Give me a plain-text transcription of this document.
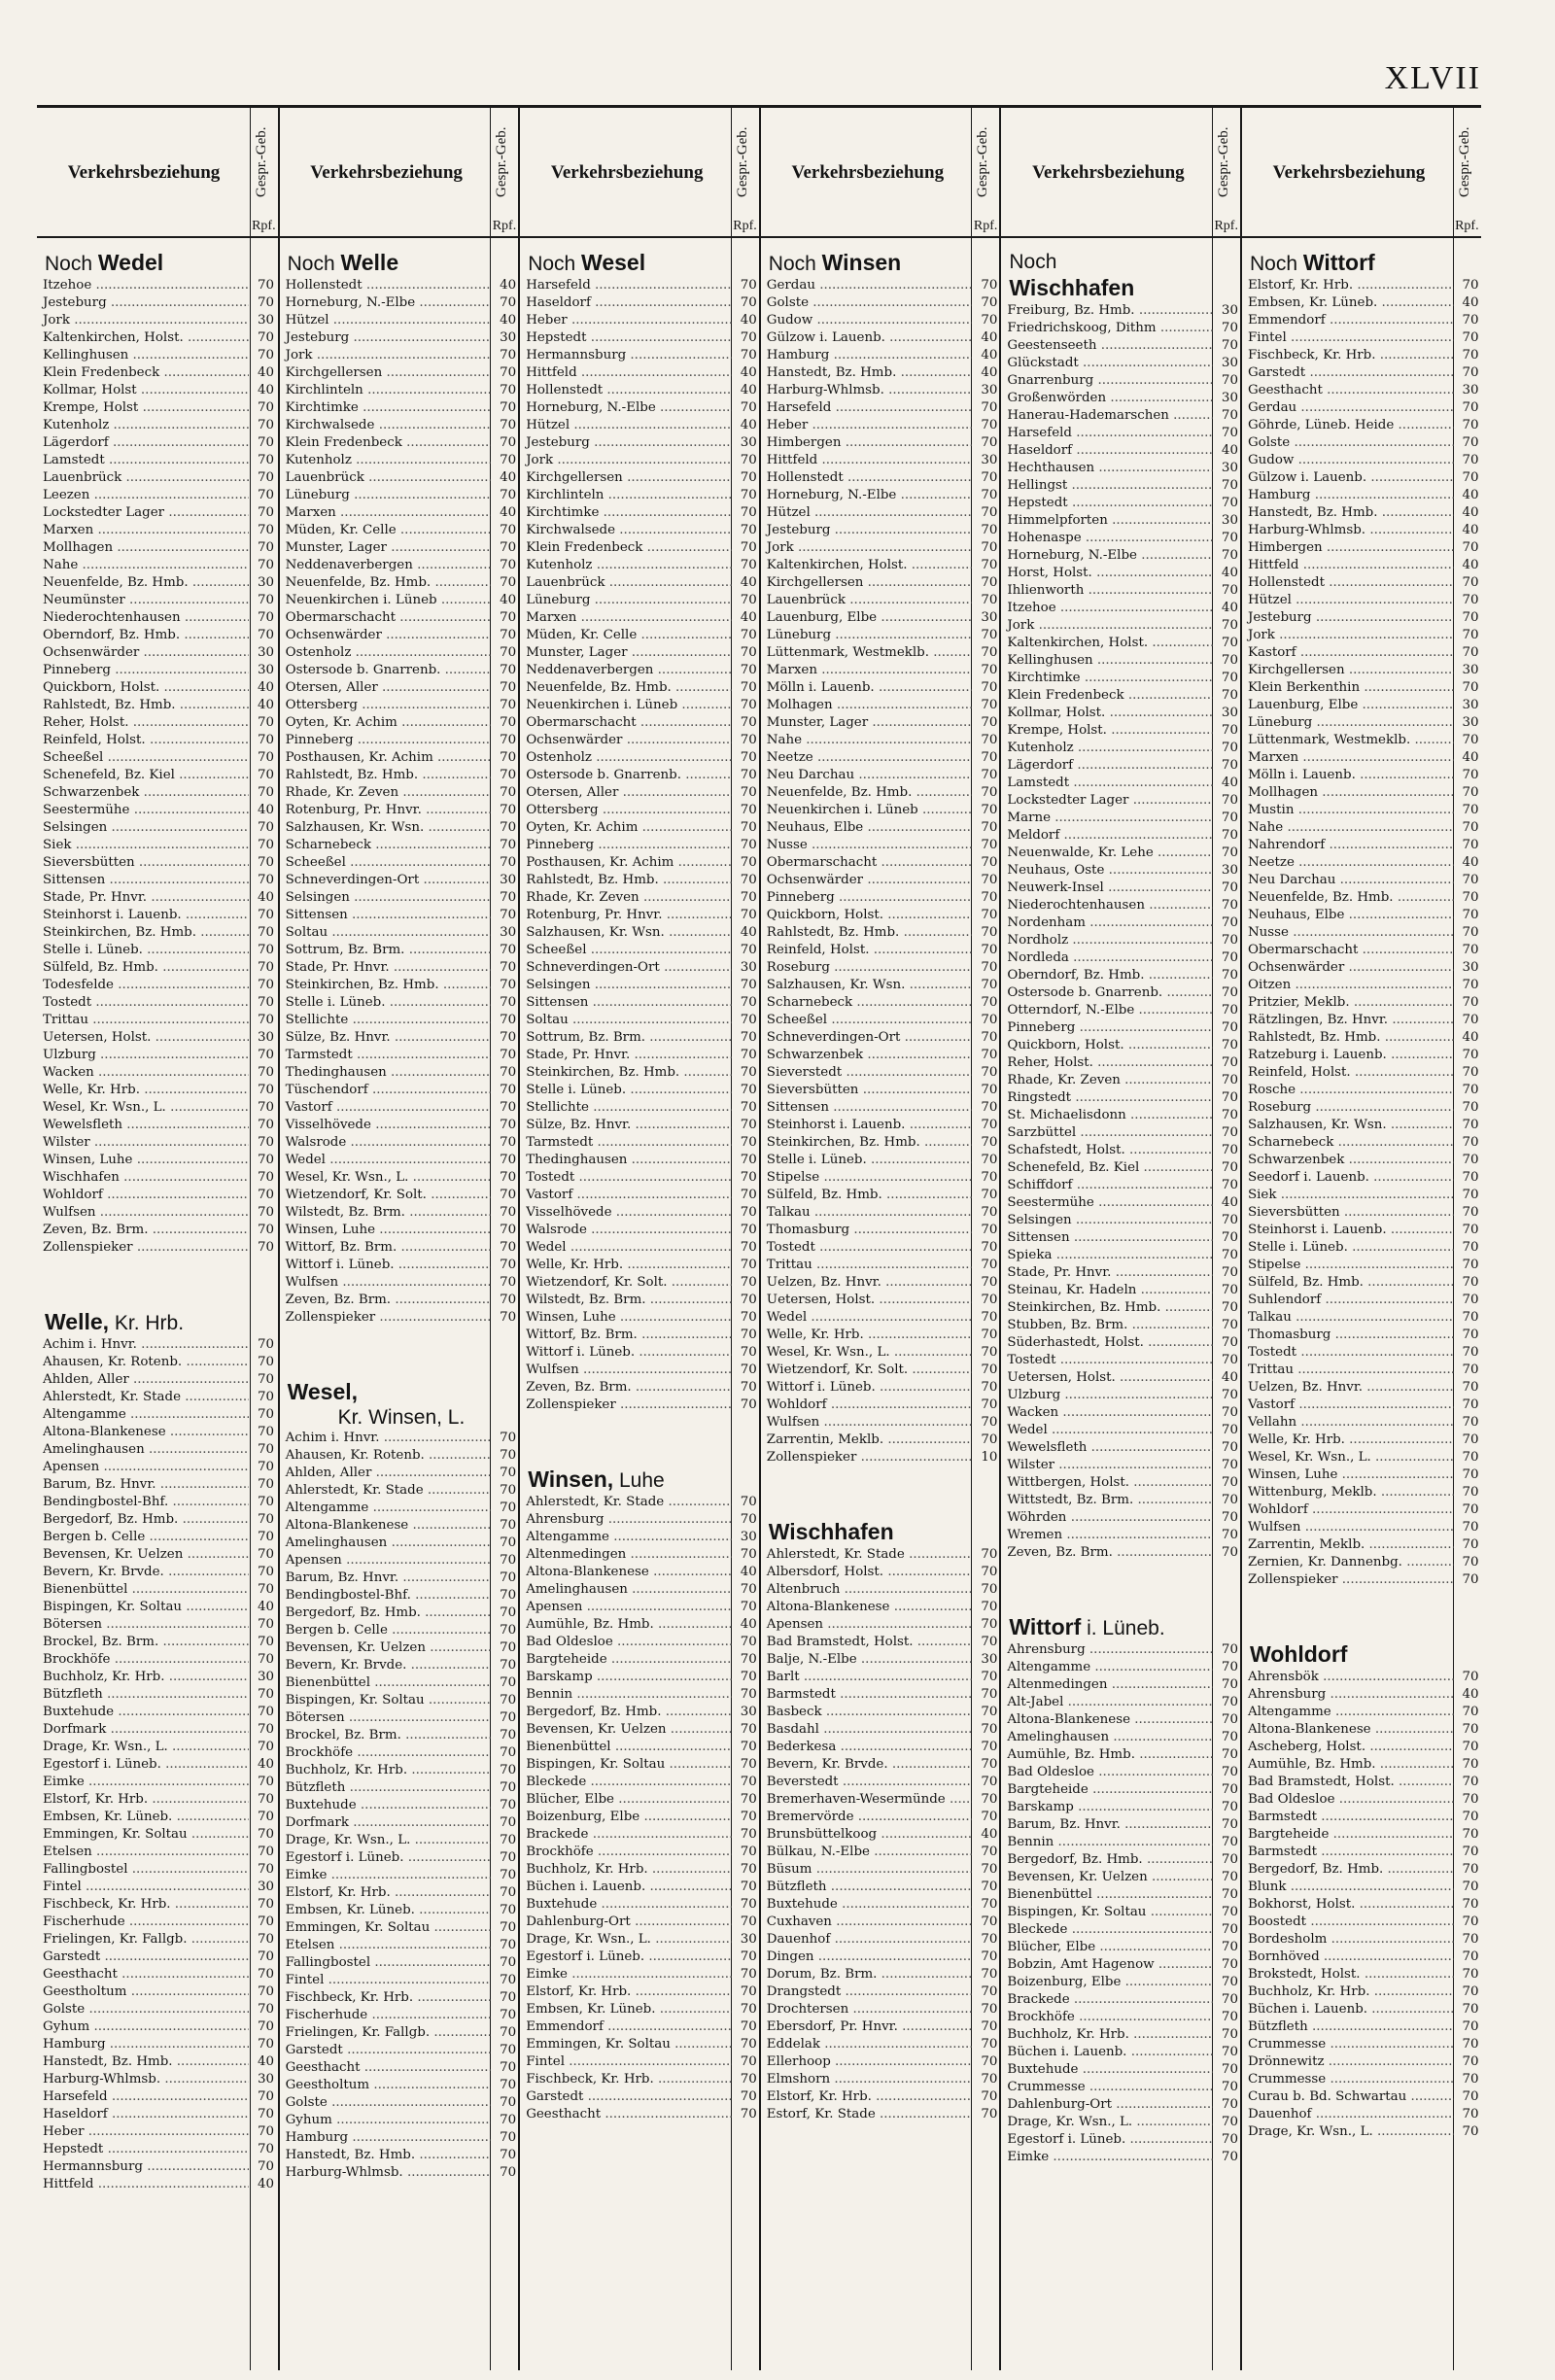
XLVII
Verkehrsbeziehung	Gespr.-Geb.
Rpf.
Noch Wedel
Itzehoe .....	70
Jesteburg .....	70
Jork .....	30
Kaltenkirchen, Holst. .....	70
Kellinghusen .....	70
Klein Fredenbeck .....	40
Kollmar, Holst .....	40
Krempe, Holst .....	70
Kutenholz .....	70
Lägerdorf .....	70
Lamstedt .....	70
Lauenbrück .....	70
Leezen .....	70
Lockstedter Lager .....	70
Marxen .....	70
Mollhagen .....	70
Nahe .....	70
Neuenfelde, Bz. Hmb. .....	30
Neumünster .....	70
Niederochtenhausen .....	70
Oberndorf, Bz. Hmb. .....	70
Ochsenwärder .....	30
Pinneberg .....	30
Quickborn, Holst. .....	40
Rahlstedt, Bz. Hmb. .....	40
Reher, Holst. .....	70
Reinfeld, Holst. .....	70
Scheeßel .....	70
Schenefeld, Bz. Kiel .....	70
Schwarzenbek .....	70
Seestermühe .....	40
Selsingen .....	70
Siek .....	70
Sieversbütten .....	70
Sittensen .....	70
Stade, Pr. Hnvr. .....	40
Steinhorst i. Lauenb. .....	70
Steinkirchen, Bz. Hmb. .....	70
Stelle i. Lüneb. .....	70
Sülfeld, Bz. Hmb. .....	70
Todesfelde .....	70
Tostedt .....	70
Trittau .....	70
Uetersen, Holst. .....	30
Ulzburg .....	70
Wacken .....	70
Welle, Kr. Hrb. .....	70
Wesel, Kr. Wsn., L. .....	70
Wewelsfleth .....	70
Wilster .....	70
Winsen, Luhe .....	70
Wischhafen .....	70
Wohldorf .....	70
Wulfsen .....	70
Zeven, Bz. Brm. .....	70
Zollenspieker .....	70
Welle, Kr. Hrb.
Achim i. Hnvr. .....	70
Ahausen, Kr. Rotenb. .....	70
Ahlden, Aller .....	70
Ahlerstedt, Kr. Stade .....	70
Altengamme .....	70
Altona-Blankenese .....	70
Amelinghausen .....	70
Apensen .....	70
Barum, Bz. Hnvr. .....	70
Bendingbostel-Bhf. .....	70
Bergedorf, Bz. Hmb. .....	70
Bergen b. Celle .....	70
Bevensen, Kr. Uelzen .....	70
Bevern, Kr. Brvde. .....	70
Bienenbüttel .....	70
Bispingen, Kr. Soltau .....	40
Bötersen .....	70
Brockel, Bz. Brm. .....	70
Brockhöfe .....	70
Buchholz, Kr. Hrb. .....	30
Bützfleth .....	70
Buxtehude .....	70
Dorfmark .....	70
Drage, Kr. Wsn., L. .....	70
Egestorf i. Lüneb. .....	40
Eimke .....	70
Elstorf, Kr. Hrb. .....	70
Embsen, Kr. Lüneb. .....	70
Emmingen, Kr. Soltau .....	70
Etelsen .....	70
Fallingbostel .....	70
Fintel .....	30
Fischbeck, Kr. Hrb. .....	70
Fischerhude .....	70
Frielingen, Kr. Fallgb. .....	70
Garstedt .....	70
Geesthacht .....	70
Geestholtum .....	70
Golste .....	70
Gyhum .....	70
Hamburg .....	70
Hanstedt, Bz. Hmb. .....	40
Harburg-Whlmsb. .....	30
Harsefeld .....	70
Haseldorf .....	70
Heber .....	70
Hepstedt .....	70
Hermannsburg .....	70
Hittfeld .....	40
Verkehrsbeziehung	Gespr.-Geb.
Rpf.
Noch Welle
Hollenstedt .....	40
Horneburg, N.-Elbe .....	70
Hützel .....	40
Jesteburg .....	30
Jork .....	70
Kirchgellersen .....	70
Kirchlinteln .....	70
Kirchtimke .....	70
Kirchwalsede .....	70
Klein Fredenbeck .....	70
Kutenholz .....	70
Lauenbrück .....	40
Lüneburg .....	70
Marxen .....	40
Müden, Kr. Celle .....	70
Munster, Lager .....	70
Neddenaverbergen .....	70
Neuenfelde, Bz. Hmb. .....	70
Neuenkirchen i. Lüneb .....	40
Obermarschacht .....	70
Ochsenwärder .....	70
Ostenholz .....	70
Ostersode b. Gnarrenb. .....	70
Otersen, Aller .....	70
Ottersberg .....	70
Oyten, Kr. Achim .....	70
Pinneberg .....	70
Posthausen, Kr. Achim .....	70
Rahlstedt, Bz. Hmb. .....	70
Rhade, Kr. Zeven .....	70
Rotenburg, Pr. Hnvr. .....	70
Salzhausen, Kr. Wsn. .....	70
Scharnebeck .....	70
Scheeßel .....	70
Schneverdingen-Ort .....	30
Selsingen .....	70
Sittensen .....	70
Soltau .....	30
Sottrum, Bz. Brm. .....	70
Stade, Pr. Hnvr. .....	70
Steinkirchen, Bz. Hmb. .....	70
Stelle i. Lüneb. .....	70
Stellichte .....	70
Sülze, Bz. Hnvr. .....	70
Tarmstedt .....	70
Thedinghausen .....	70
Tüschendorf .....	70
Vastorf .....	70
Visselhövede .....	70
Walsrode .....	70
Wedel .....	70
Wesel, Kr. Wsn., L. .....	70
Wietzendorf, Kr. Solt. .....	70
Wilstedt, Bz. Brm. .....	70
Winsen, Luhe .....	70
Wittorf, Bz. Brm. .....	70
Wittorf i. Lüneb. .....	70
Wulfsen .....	70
Zeven, Bz. Brm. .....	70
Zollenspieker .....	70
Wesel,
Kr. Winsen, L.
Achim i. Hnvr. .....	70
Ahausen, Kr. Rotenb. .....	70
Ahlden, Aller .....	70
Ahlerstedt, Kr. Stade .....	70
Altengamme .....	70
Altona-Blankenese .....	70
Amelinghausen .....	70
Apensen .....	70
Barum, Bz. Hnvr. .....	70
Bendingbostel-Bhf. .....	70
Bergedorf, Bz. Hmb. .....	70
Bergen b. Celle .....	70
Bevensen, Kr. Uelzen .....	70
Bevern, Kr. Brvde. .....	70
Bienenbüttel .....	70
Bispingen, Kr. Soltau .....	70
Bötersen .....	70
Brockel, Bz. Brm. .....	70
Brockhöfe .....	70
Buchholz, Kr. Hrb. .....	70
Bützfleth .....	70
Buxtehude .....	70
Dorfmark .....	70
Drage, Kr. Wsn., L. .....	70
Egestorf i. Lüneb. .....	70
Eimke .....	70
Elstorf, Kr. Hrb. .....	70
Embsen, Kr. Lüneb. .....	70
Emmingen, Kr. Soltau .....	70
Etelsen .....	70
Fallingbostel .....	70
Fintel .....	70
Fischbeck, Kr. Hrb. .....	70
Fischerhude .....	70
Frielingen, Kr. Fallgb. .....	70
Garstedt .....	70
Geesthacht .....	70
Geestholtum .....	70
Golste .....	70
Gyhum .....	70
Hamburg .....	70
Hanstedt, Bz. Hmb. .....	70
Harburg-Whlmsb. .....	70
Verkehrsbeziehung	Gespr.-Geb.
Rpf.
Noch Wesel
Harsefeld .....	70
Haseldorf .....	70
Heber .....	40
Hepstedt .....	70
Hermannsburg .....	70
Hittfeld .....	40
Hollenstedt .....	40
Horneburg, N.-Elbe .....	70
Hützel .....	40
Jesteburg .....	30
Jork .....	70
Kirchgellersen .....	70
Kirchlinteln .....	70
Kirchtimke .....	70
Kirchwalsede .....	70
Klein Fredenbeck .....	70
Kutenholz .....	70
Lauenbrück .....	40
Lüneburg .....	70
Marxen .....	40
Müden, Kr. Celle .....	70
Munster, Lager .....	70
Neddenaverbergen .....	70
Neuenfelde, Bz. Hmb. .....	70
Neuenkirchen i. Lüneb .....	70
Obermarschacht .....	70
Ochsenwärder .....	70
Ostenholz .....	70
Ostersode b. Gnarrenb. .....	70
Otersen, Aller .....	70
Ottersberg .....	70
Oyten, Kr. Achim .....	70
Pinneberg .....	70
Posthausen, Kr. Achim .....	70
Rahlstedt, Bz. Hmb. .....	70
Rhade, Kr. Zeven .....	70
Rotenburg, Pr. Hnvr. .....	70
Salzhausen, Kr. Wsn. .....	40
Scheeßel .....	70
Schneverdingen-Ort .....	30
Selsingen .....	70
Sittensen .....	70
Soltau .....	70
Sottrum, Bz. Brm. .....	70
Stade, Pr. Hnvr. .....	70
Steinkirchen, Bz. Hmb. .....	70
Stelle i. Lüneb. .....	70
Stellichte .....	70
Sülze, Bz. Hnvr. .....	70
Tarmstedt .....	70
Thedinghausen .....	70
Tostedt .....	70
Vastorf .....	70
Visselhövede .....	70
Walsrode .....	70
Wedel .....	70
Welle, Kr. Hrb. .....	70
Wietzendorf, Kr. Solt. .....	70
Wilstedt, Bz. Brm. .....	70
Winsen, Luhe .....	70
Wittorf, Bz. Brm. .....	70
Wittorf i. Lüneb. .....	70
Wulfsen .....	70
Zeven, Bz. Brm. .....	70
Zollenspieker .....	70
Winsen, Luhe
Ahlerstedt, Kr. Stade .....	70
Ahrensburg .....	70
Altengamme .....	30
Altenmedingen .....	70
Altona-Blankenese .....	40
Amelinghausen .....	70
Apensen .....	70
Aumühle, Bz. Hmb. .....	40
Bad Oldesloe .....	70
Bargteheide .....	70
Barskamp .....	70
Bennin .....	70
Bergedorf, Bz. Hmb. .....	30
Bevensen, Kr. Uelzen .....	70
Bienenbüttel .....	70
Bispingen, Kr. Soltau .....	70
Bleckede .....	70
Blücher, Elbe .....	70
Boizenburg, Elbe .....	70
Brackede .....	70
Brockhöfe .....	70
Buchholz, Kr. Hrb. .....	70
Büchen i. Lauenb. .....	70
Buxtehude .....	70
Dahlenburg-Ort .....	70
Drage, Kr. Wsn., L. .....	30
Egestorf i. Lüneb. .....	70
Eimke .....	70
Elstorf, Kr. Hrb. .....	70
Embsen, Kr. Lüneb. .....	70
Emmendorf .....	70
Emmingen, Kr. Soltau .....	70
Fintel .....	70
Fischbeck, Kr. Hrb. .....	70
Garstedt .....	70
Geesthacht .....	70
Verkehrsbeziehung	Gespr.-Geb.
Rpf.
Noch Winsen
Gerdau .....	70
Golste .....	70
Gudow .....	70
Gülzow i. Lauenb. .....	40
Hamburg .....	40
Hanstedt, Bz. Hmb. .....	40
Harburg-Whlmsb. .....	30
Harsefeld .....	70
Heber .....	70
Himbergen .....	70
Hittfeld .....	30
Hollenstedt .....	70
Horneburg, N.-Elbe .....	70
Hützel .....	70
Jesteburg .....	70
Jork .....	70
Kaltenkirchen, Holst. .....	70
Kirchgellersen .....	70
Lauenbrück .....	70
Lauenburg, Elbe .....	30
Lüneburg .....	70
Lüttenmark, Westmeklb. .....	70
Marxen .....	70
Mölln i. Lauenb. .....	70
Molhagen .....	70
Munster, Lager .....	70
Nahe .....	70
Neetze .....	70
Neu Darchau .....	70
Neuenfelde, Bz. Hmb. .....	70
Neuenkirchen i. Lüneb .....	70
Neuhaus, Elbe .....	70
Nusse .....	70
Obermarschacht .....	70
Ochsenwärder .....	70
Pinneberg .....	70
Quickborn, Holst. .....	70
Rahlstedt, Bz. Hmb. .....	70
Reinfeld, Holst. .....	70
Roseburg .....	70
Salzhausen, Kr. Wsn. .....	70
Scharnebeck .....	70
Scheeßel .....	70
Schneverdingen-Ort .....	70
Schwarzenbek .....	70
Sieverstedt .....	70
Sieversbütten .....	70
Sittensen .....	70
Steinhorst i. Lauenb. .....	70
Steinkirchen, Bz. Hmb. .....	70
Stelle i. Lüneb. .....	70
Stipelse .....	70
Sülfeld, Bz. Hmb. .....	70
Talkau .....	70
Thomasburg .....	70
Tostedt .....	70
Trittau .....	70
Uelzen, Bz. Hnvr. .....	70
Uetersen, Holst. .....	70
Wedel .....	70
Welle, Kr. Hrb. .....	70
Wesel, Kr. Wsn., L. .....	70
Wietzendorf, Kr. Solt. .....	70
Wittorf i. Lüneb. .....	70
Wohldorf .....	70
Wulfsen .....	70
Zarrentin, Meklb. .....	70
Zollenspieker .....	10
Wischhafen
Ahlerstedt, Kr. Stade .....	70
Albersdorf, Holst. .....	70
Altenbruch .....	70
Altona-Blankenese .....	70
Apensen .....	70
Bad Bramstedt, Holst. .....	70
Balje, N.-Elbe .....	30
Barlt .....	70
Barmstedt .....	70
Basbeck .....	70
Basdahl .....	70
Bederkesa .....	70
Bevern, Kr. Brvde. .....	70
Beverstedt .....	70
Bremerhaven-Wesermünde .....	70
Bremervörde .....	70
Brunsbüttelkoog .....	40
Bülkau, N.-Elbe .....	70
Büsum .....	70
Bützfleth .....	70
Buxtehude .....	70
Cuxhaven .....	70
Dauenhof .....	70
Dingen .....	70
Dorum, Bz. Brm. .....	70
Drangstedt .....	70
Drochtersen .....	70
Ebersdorf, Pr. Hnvr. .....	70
Eddelak .....	70
Ellerhoop .....	70
Elmshorn .....	70
Elstorf, Kr. Hrb. .....	70
Estorf, Kr. Stade .....	70
Verkehrsbeziehung	Gespr.-Geb.
Rpf.
Noch
Wischhafen
Freiburg, Bz. Hmb. .....	30
Friedrichskoog, Dithm .....	70
Geestenseeth .....	70
Glückstadt .....	30
Gnarrenburg .....	70
Großenwörden .....	30
Hanerau-Hademarschen .....	70
Harsefeld .....	70
Haseldorf .....	40
Hechthausen .....	30
Hellingst .....	70
Hepstedt .....	70
Himmelpforten .....	30
Hohenaspe .....	70
Horneburg, N.-Elbe .....	70
Horst, Holst. .....	40
Ihlienworth .....	70
Itzehoe .....	40
Jork .....	70
Kaltenkirchen, Holst. .....	70
Kellinghusen .....	70
Kirchtimke .....	70
Klein Fredenbeck .....	70
Kollmar, Holst. .....	30
Krempe, Holst. .....	70
Kutenholz .....	70
Lägerdorf .....	70
Lamstedt .....	40
Lockstedter Lager .....	70
Marne .....	70
Meldorf .....	70
Neuenwalde, Kr. Lehe .....	70
Neuhaus, Oste .....	30
Neuwerk-Insel .....	70
Niederochtenhausen .....	70
Nordenham .....	70
Nordholz .....	70
Nordleda .....	70
Oberndorf, Bz. Hmb. .....	70
Ostersode b. Gnarrenb. .....	70
Otterndorf, N.-Elbe .....	70
Pinneberg .....	70
Quickborn, Holst. .....	70
Reher, Holst. .....	70
Rhade, Kr. Zeven .....	70
Ringstedt .....	70
St. Michaelisdonn .....	70
Sarzbüttel .....	70
Schafstedt, Holst. .....	70
Schenefeld, Bz. Kiel .....	70
Schiffdorf .....	70
Seestermühe .....	40
Selsingen .....	70
Sittensen .....	70
Spieka .....	70
Stade, Pr. Hnvr. .....	70
Steinau, Kr. Hadeln .....	70
Steinkirchen, Bz. Hmb. .....	70
Stubben, Bz. Brm. .....	70
Süderhastedt, Holst. .....	70
Tostedt .....	70
Uetersen, Holst. .....	40
Ulzburg .....	70
Wacken .....	70
Wedel .....	70
Wewelsfleth .....	70
Wilster .....	70
Wittbergen, Holst. .....	70
Wittstedt, Bz. Brm. .....	70
Wöhrden .....	70
Wremen .....	70
Zeven, Bz. Brm. .....	70
Wittorf i. Lüneb.
Ahrensburg .....	70
Altengamme .....	70
Altenmedingen .....	70
Alt-Jabel .....	70
Altona-Blankenese .....	70
Amelinghausen .....	70
Aumühle, Bz. Hmb. .....	70
Bad Oldesloe .....	70
Bargteheide .....	70
Barskamp .....	70
Barum, Bz. Hnvr. .....	70
Bennin .....	70
Bergedorf, Bz. Hmb. .....	70
Bevensen, Kr. Uelzen .....	70
Bienenbüttel .....	70
Bispingen, Kr. Soltau .....	70
Bleckede .....	70
Blücher, Elbe .....	70
Bobzin, Amt Hagenow .....	70
Boizenburg, Elbe .....	70
Brackede .....	70
Brockhöfe .....	70
Buchholz, Kr. Hrb. .....	70
Büchen i. Lauenb. .....	70
Buxtehude .....	70
Crummesse .....	70
Dahlenburg-Ort .....	70
Drage, Kr. Wsn., L. .....	70
Egestorf i. Lüneb. .....	70
Eimke .....	70
Verkehrsbeziehung	Gespr.-Geb.
Rpf.
Noch Wittorf
Elstorf, Kr. Hrb. .....	70
Embsen, Kr. Lüneb. .....	40
Emmendorf .....	70
Fintel .....	70
Fischbeck, Kr. Hrb. .....	70
Garstedt .....	70
Geesthacht .....	30
Gerdau .....	70
Göhrde, Lüneb. Heide .....	70
Golste .....	70
Gudow .....	70
Gülzow i. Lauenb. .....	70
Hamburg .....	40
Hanstedt, Bz. Hmb. .....	40
Harburg-Whlmsb. .....	40
Himbergen .....	70
Hittfeld .....	40
Hollenstedt .....	70
Hützel .....	70
Jesteburg .....	70
Jork .....	70
Kastorf .....	70
Kirchgellersen .....	30
Klein Berkenthin .....	70
Lauenburg, Elbe .....	30
Lüneburg .....	30
Lüttenmark, Westmeklb. .....	70
Marxen .....	40
Mölln i. Lauenb. .....	70
Mollhagen .....	70
Mustin .....	70
Nahe .....	70
Nahrendorf .....	70
Neetze .....	40
Neu Darchau .....	70
Neuenfelde, Bz. Hmb. .....	70
Neuhaus, Elbe .....	70
Nusse .....	70
Obermarschacht .....	70
Ochsenwärder .....	30
Oitzen .....	70
Pritzier, Meklb. .....	70
Rätzlingen, Bz. Hnvr. .....	70
Rahlstedt, Bz. Hmb. .....	40
Ratzeburg i. Lauenb. .....	70
Reinfeld, Holst. .....	70
Rosche .....	70
Roseburg .....	70
Salzhausen, Kr. Wsn. .....	70
Scharnebeck .....	70
Schwarzenbek .....	70
Seedorf i. Lauenb. .....	70
Siek .....	70
Sieversbütten .....	70
Steinhorst i. Lauenb. .....	70
Stelle i. Lüneb. .....	70
Stipelse .....	70
Sülfeld, Bz. Hmb. .....	70
Suhlendorf .....	70
Talkau .....	70
Thomasburg .....	70
Tostedt .....	70
Trittau .....	70
Uelzen, Bz. Hnvr. .....	70
Vastorf .....	70
Vellahn .....	70
Welle, Kr. Hrb. .....	70
Wesel, Kr. Wsn., L. .....	70
Winsen, Luhe .....	70
Wittenburg, Meklb. .....	70
Wohldorf .....	70
Wulfsen .....	70
Zarrentin, Meklb. .....	70
Zernien, Kr. Dannenbg. .....	70
Zollenspieker .....	70
Wohldorf
Ahrensbök .....	70
Ahrensburg .....	40
Altengamme .....	70
Altona-Blankenese .....	70
Ascheberg, Holst. .....	70
Aumühle, Bz. Hmb. .....	70
Bad Bramstedt, Holst. .....	70
Bad Oldesloe .....	70
Barmstedt .....	70
Bargteheide .....	70
Barmstedt .....	70
Bergedorf, Bz. Hmb. .....	70
Blunk .....	70
Bokhorst, Holst. .....	70
Boostedt .....	70
Bordesholm .....	70
Bornhöved .....	70
Brokstedt, Holst. .....	70
Buchholz, Kr. Hrb. .....	70
Büchen i. Lauenb. .....	70
Bützfleth .....	70
Crummesse .....	70
Drönnewitz .....	70
Crummesse .....	70
Curau b. Bd. Schwartau .....	70
Dauenhof .....	70
Drage, Kr. Wsn., L. .....	70
